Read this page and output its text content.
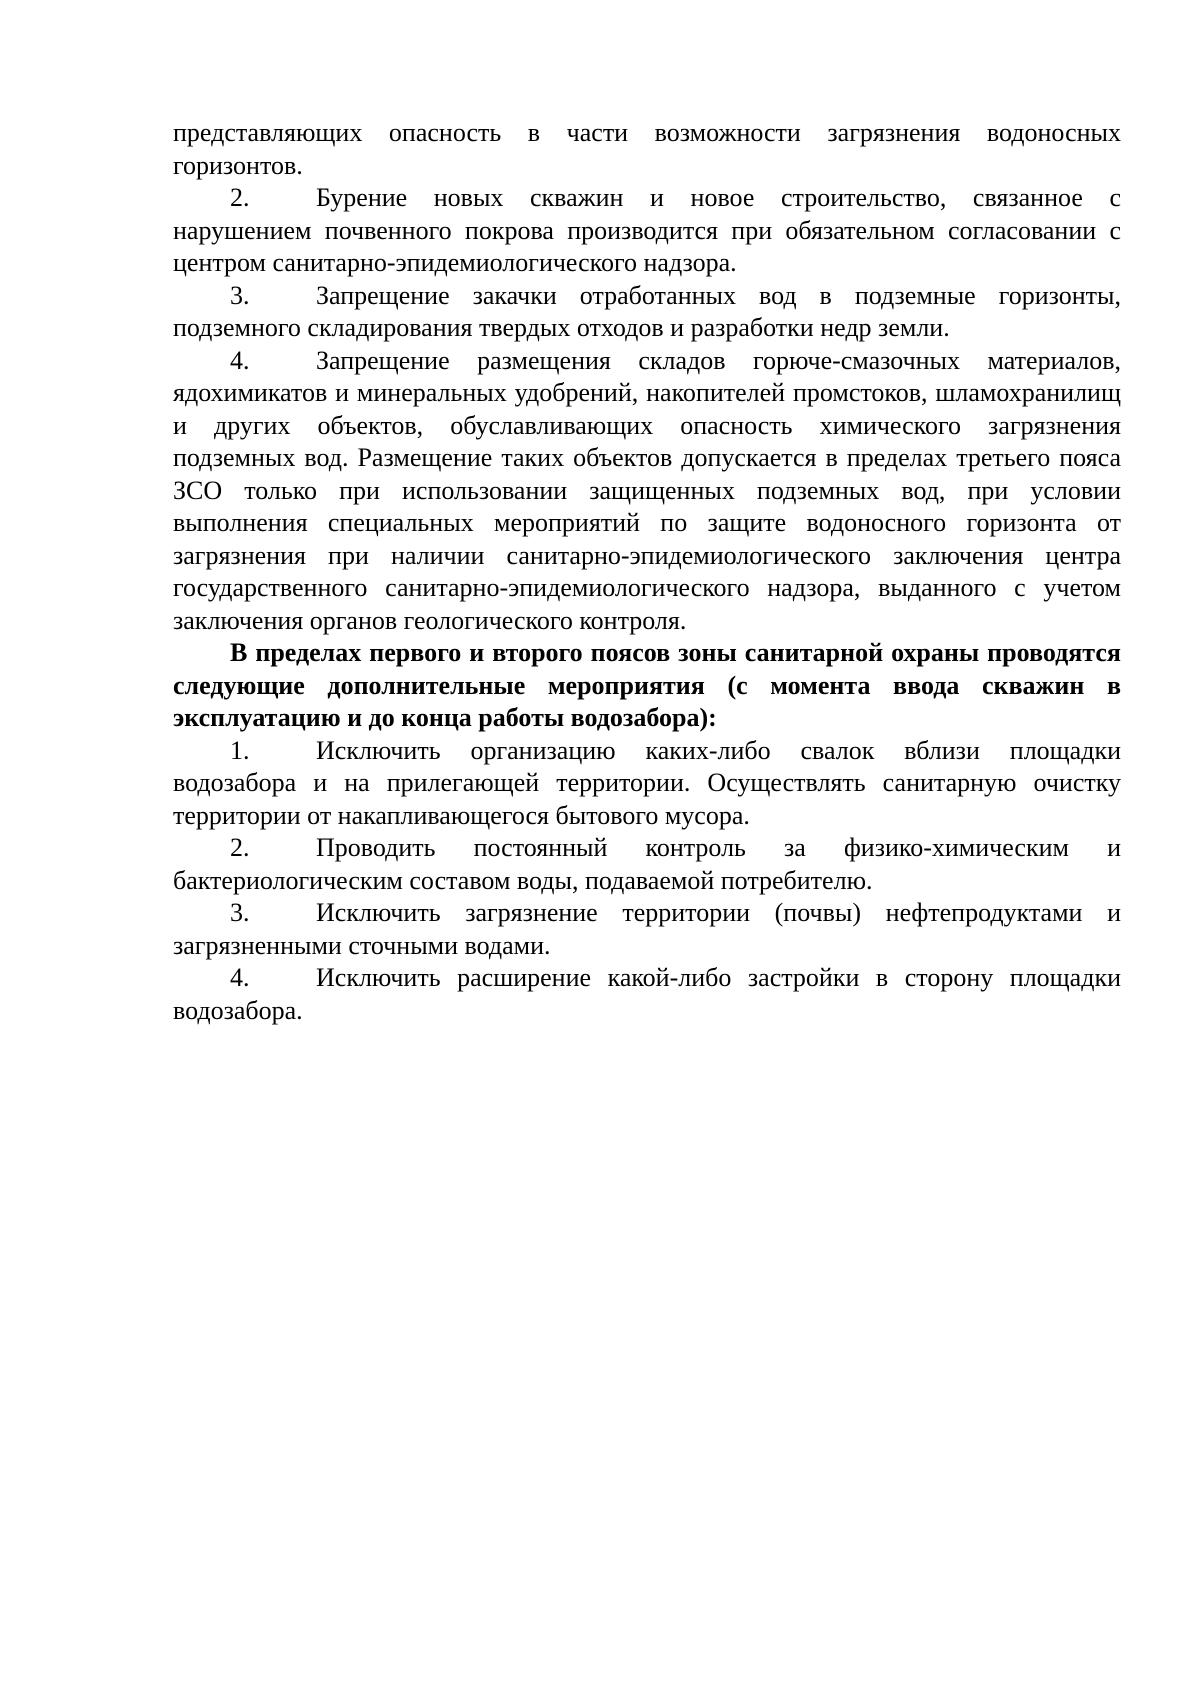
представляющих опасность в части возможности загрязнения водоносных горизонтов.

2.	Бурение новых скважин и новое строительство, связанное с нарушением почвенного покрова производится при обязательном согласовании с центром санитарно-эпидемиологического надзора.

3.	Запрещение закачки отработанных вод в подземные горизонты, подземного складирования твердых отходов и разработки недр земли.

4.	Запрещение размещения складов горюче-смазочных материалов, ядохимикатов и минеральных удобрений, накопителей промстоков, шламохранилищ и других объектов, обуславливающих опасность химического загрязнения подземных вод. Размещение таких объектов допускается в пределах третьего пояса ЗСО только при использовании защищенных подземных вод, при условии выполнения специальных мероприятий по защите водоносного горизонта от загрязнения при наличии санитарно-эпидемиологического заключения центра государственного санитарно-эпидемиологического надзора, выданного с учетом заключения органов геологического контроля.

В пределах первого и второго поясов зоны санитарной охраны проводятся следующие дополнительные мероприятия (с момента ввода скважин в эксплуатацию и до конца работы водозабора):

1.	Исключить организацию каких-либо свалок вблизи площадки водозабора и на прилегающей территории. Осуществлять санитарную очистку территории от накапливающегося бытового мусора.

2.	Проводить постоянный контроль за физико-химическим и бактериологическим составом воды, подаваемой потребителю.

3.	Исключить загрязнение территории (почвы) нефтепродуктами и загрязненными сточными водами.

4.	Исключить расширение какой-либо застройки в сторону площадки водозабора.
